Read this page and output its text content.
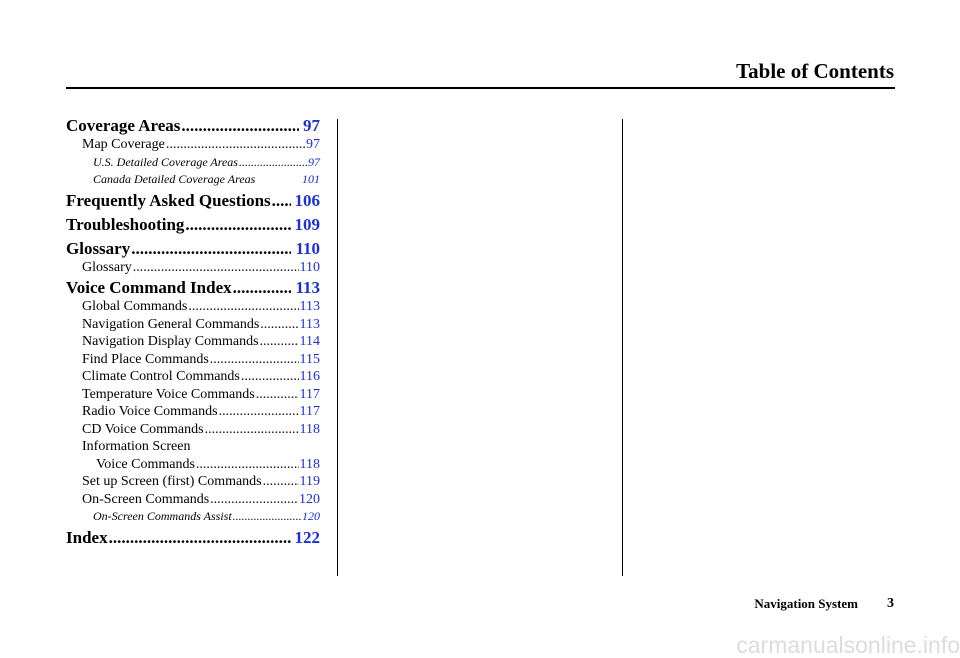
Table of Contents
Coverage Areas .....	97
Map Coverage .....	97
U.S. Detailed Coverage Areas .....	97
Canada Detailed Coverage Areas	101
Frequently Asked Questions ..... 106
Troubleshooting .....	109
Glossary .....	110
Glossary .....	110
Voice Command Index .....	113
Global Commands .....	113
Navigation General Commands .....	113
Navigation Display Commands .....	114
Find Place Commands .....	115
Climate Control Commands .....	116
Temperature Voice Commands .....	117
Radio Voice Commands .....	117
CD Voice Commands .....	118
Information Screen
Voice Commands .....	118
Set up Screen (first) Commands .....	119
On-Screen Commands .....	120
On-Screen Commands Assist .....	120
Index .....	122
Navigation System 3
carmanualsonline.info
